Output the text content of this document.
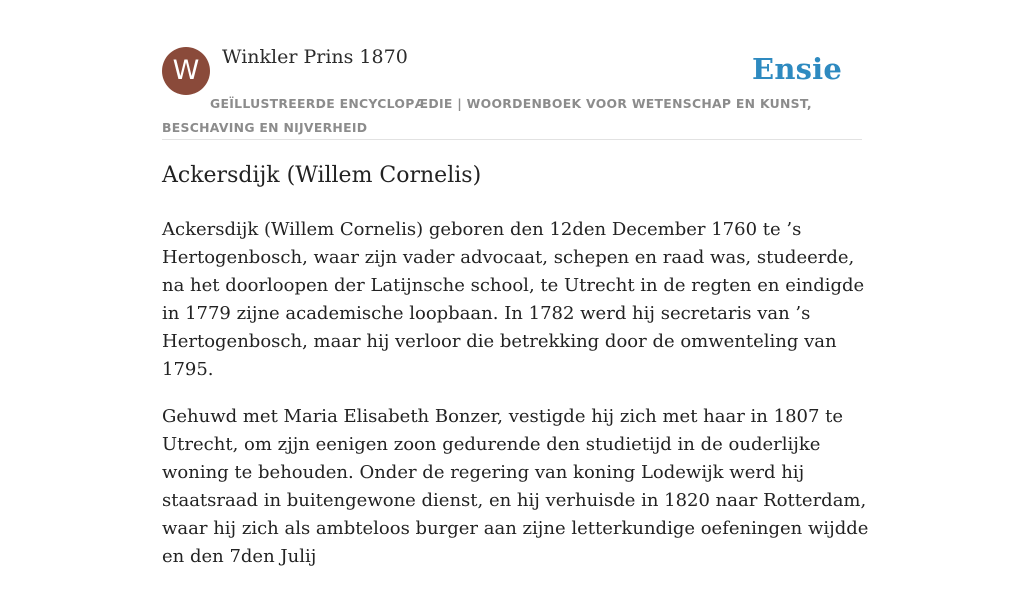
W	Winkler Prins 1870	Ensie
GEÏLLUSTREERDE ENCYCLOPÆDIE | WOORDENBOEK VOOR WETENSCHAP EN KUNST, BESCHAVING EN NIJVERHEID
Ackersdijk (Willem Cornelis)

Ackersdijk (Willem Cornelis) geboren den 12den December 1760 te ’s Hertogenbosch, waar zijn vader advocaat, schepen en raad was, studeerde, na het doorloopen der Latijnsche school, te Utrecht in de regten en eindigde in 1779 zijne academische loopbaan. In 1782 werd hij secretaris van ’s Hertogenbosch, maar hij verloor die betrekking door de omwenteling van 1795.

Gehuwd met Maria Elisabeth Bonzer, vestigde hij zich met haar in 1807 te Utrecht, om zjjn eenigen zoon gedurende den studietijd in de ouderlijke woning te behouden. Onder de regering van koning Lodewijk werd hij staatsraad in buitengewone dienst, en hij verhuisde in 1820 naar Rotterdam, waar hij zich als ambteloos burger aan zijne letterkundige oefeningen wijdde en den 7den Julij
